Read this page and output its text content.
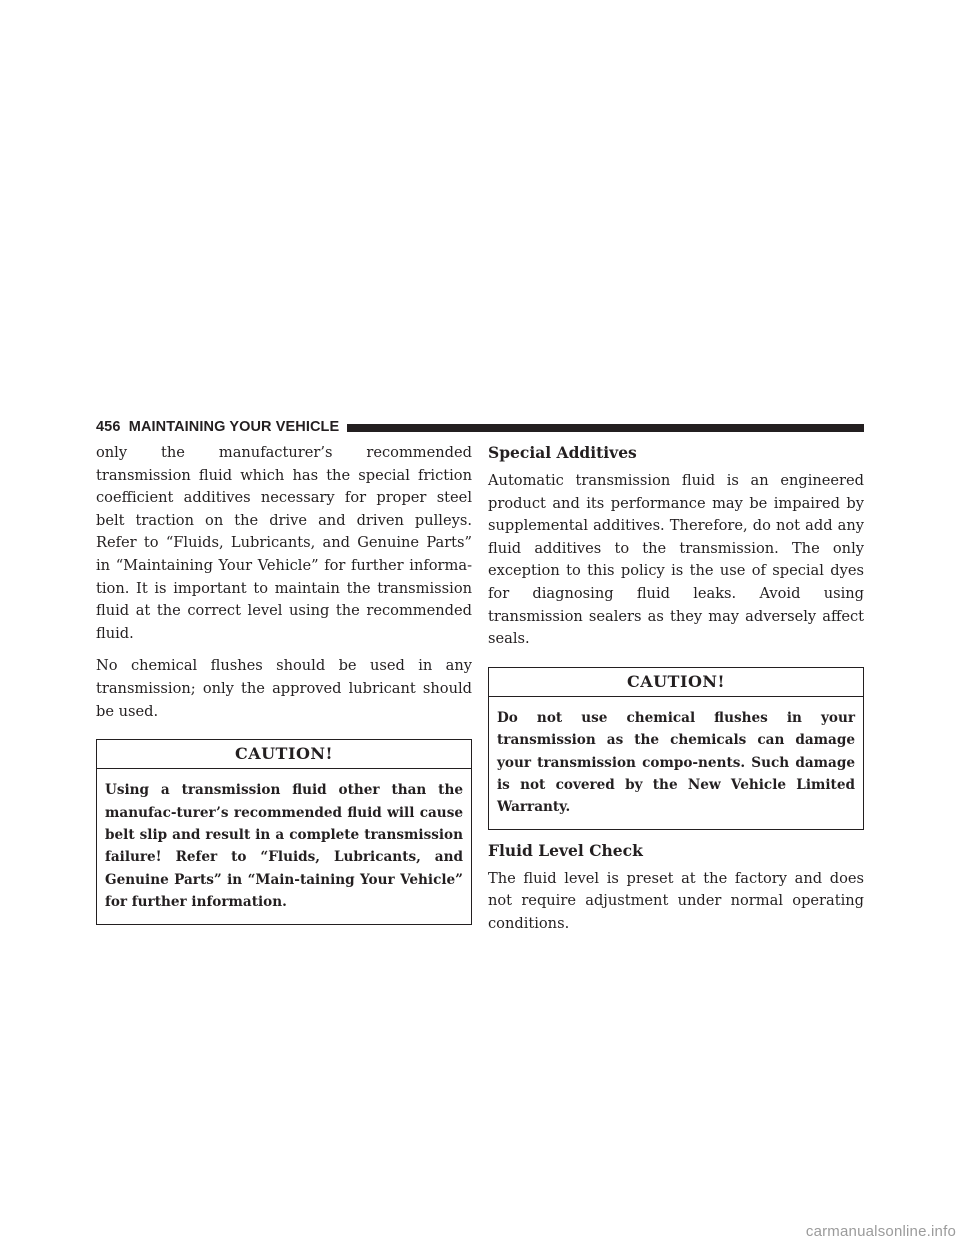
456 MAINTAINING YOUR VEHICLE

only the manufacturer’s recommended transmission fluid which has the special friction coefficient additives necessary for proper steel belt traction on the drive and driven pulleys. Refer to “Fluids, Lubricants, and Genuine Parts” in “Maintaining Your Vehicle” for further informa-tion. It is important to maintain the transmission fluid at the correct level using the recommended fluid.

No chemical flushes should be used in any transmission; only the approved lubricant should be used.

CAUTION!
Using a transmission fluid other than the manufac-turer’s recommended fluid will cause belt slip and result in a complete transmission failure! Refer to “Fluids, Lubricants, and Genuine Parts” in “Main-taining Your Vehicle” for further information.
Special Additives

Automatic transmission fluid is an engineered product and its performance may be impaired by supplemental additives. Therefore, do not add any fluid additives to the transmission. The only exception to this policy is the use of special dyes for diagnosing fluid leaks. Avoid using transmission sealers as they may adversely affect seals.

CAUTION!
Do not use chemical flushes in your transmission as the chemicals can damage your transmission compo-nents. Such damage is not covered by the New Vehicle Limited Warranty.
Fluid Level Check

The fluid level is preset at the factory and does not require adjustment under normal operating conditions.

carmanualsonline.info
